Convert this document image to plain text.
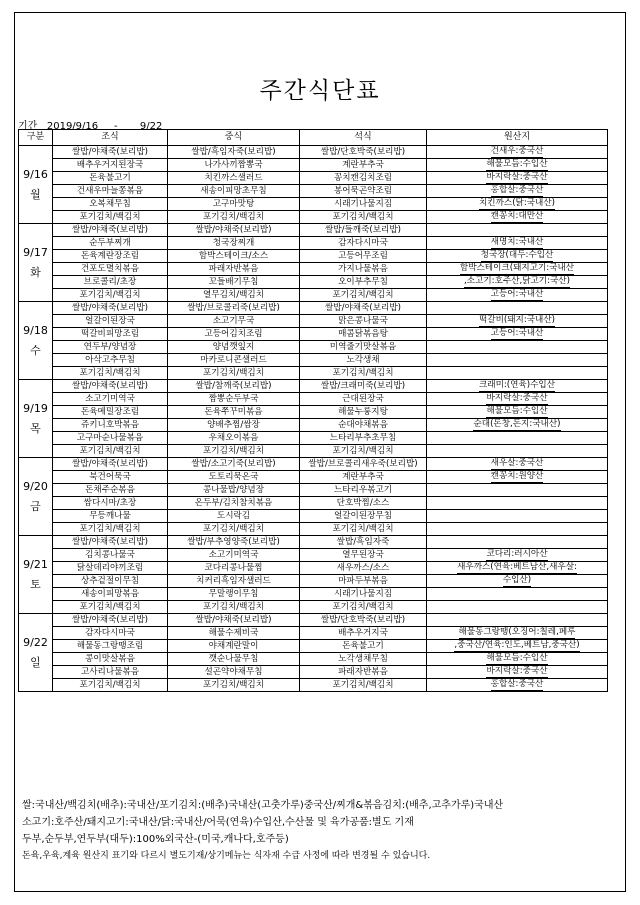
주간식단표
기간   2019/9/16     -       9/22
구분	조식	중식	석식	원산지

9/16
월	쌀밥/야채죽(보리밥)	쌀밥/흑임자죽(보리밥)	쌀밥/단호박죽(보리밥)	건새우:중국산
	배추우거지된장국	나가사끼짬뽕국	계란부추국	해물모듬:수입산
	돈육불고기	치킨까스샐러드	꽁치캔김치조림	바지락살:중국산
	건새우마늘쫑볶음	새송이피망초무침	봉어묵곤약조림	홍합살:중국산
	오복채무침	고구마맛탕	시래기나물지짐	치킨까스(닭:국내산)
	포기김치/백김치	포기김치/백김치	포기김치/백김치	캔꽁치:대만산

9/17
화	쌀밥/야채죽(보리밥)	쌀밥/야채죽(보리밥)	쌀밥/들깨죽(보리밥)	
	순두부찌개	청국장찌개	감자다시마국	새명치:국내산
	돈육계란장조림	함박스테이크/소스	고등어무조림	청국장(대두:수입산
	건포도멸치볶음	파래자반볶음	가지나물볶음	함박스테이크(돼지고기:국내산
	브로콜리/초장	꼬들배기무침	오이부추무침	,소고기:호주산,닭고기:국산)
	포기김치/백김치	열무김치/백김치	포기김치/백김치	고등어:국내산

9/18
수	쌀밥/야채죽(보리밥)	쌀밥/브로콜리죽(보리밥)	쌀밥/야채죽(보리밥)	
	얼갈이된장국	소고기무국	맑은콩나물국	떡갈비(돼지:국내산)
	떡갈비피망조림	고등어김치조림	매콤닭볶음탕	고등어:국내산
	연두부/양념장	양념깻잎지	미역줄기맛살볶음	
	아삭고추무침	마카로니콘샐러드	노각생채	
	포기김치/백김치	포기김치/백김치	포기김치/백김치	

9/19
목	쌀밥/야채죽(보리밥)	쌀밥/참깨죽(보리밥)	쌀밥/크래미죽(보리밥)	크래미:(연육)수입산
	소고기미역국	짬뽕순두부국	근대된장국	바지락살:중국산
	돈육메밀장조림	돈육쭈꾸미볶음	해물누룽지탕	해물모듬:수입산
	쥬키니호박볶음	양배추찜/쌈장	순대야채볶음	순대(돈창,돈지:국내산)
	고구마순나물볶음	우채오이볶음	느타리부추초무침	
	포기김치/백김치	포기김치/백김치	포기김치/백김치	

9/20
금	쌀밥/야채죽(보리밥)	쌀밥/소고기죽(보리밥)	쌀밥/브로콜리새우죽(보리밥)	새우살:중국산
	북건어묵국	도토리묵온국	계란부추국	캔꽁치:원양산
	돈채주순볶음	콩나물밥/양념장	느타리우볶고기	
	쌈다시마/초장	온두부/김치참치볶음	단호박찜/소스	
	무등깨나물	도시락김	얼갈이된장무침	
	포기김치/백김치	포기김치/백김치	포기김치/백김치	

9/21
토	쌀밥/야채죽(보리밥)	쌀밥/부추영양죽(보리밥)	쌀밥/흑임자죽	
	김치콩나물국	소고기미역국	열무된장국	코다리:러시아산
	닭살데리야끼조림	코다리콩나물찜	새우까스/소스	새우까스(연육:베트남산,새우살:
	상추겉절이무침	치커리흑임자샐러드	마파두부볶음	수입산)
	새송이피망볶음	무말랭이무침	시래기나물지짐	
	포기김치/백김치	포기김치/백김치	포기김치/백김치	

9/22
일	쌀밥/야채죽(보리밥)	쌀밥/야채죽(보리밥)	쌀밥/단호박죽(보리밥)	
	감자다시마국	해물수제비국	배추우거지국	해물동그랑땡(오징어:칠레,페루
	해물동그랑땡조림	야채계란말이	돈육불고기	,중국산/연육:인도,베트남,중국산)
	콩이맛살볶음	깻순나물무침	노각생채무침	해물모듬:수입산
	고사리나물볶음	설곤약야채무침	파래자반볶음	바지락살:중국산
	포기김치/백김치	포기김치/백김치	포기김치/백김치	홍합살:중국산
쌀:국내산/백김치(배추):국내산/포기김치:(배추)국내산(고춧가루)중국산/찌개&볶음김치:(배추,고추가루)국내산
소고기:호주산/돼지고기:국내산/닭:국내산/어묵(연육)수입산,수산물 및 육가공품:별도 기재
두부,순두부,연두부(대두):100%외국산-(미국,캐나다,호주등)
돈육,우육,계육 원산지 표기와 다르시 별도기재/상기메뉴는 식자재 수급 사정에 따라 변경될 수 있습니다.
